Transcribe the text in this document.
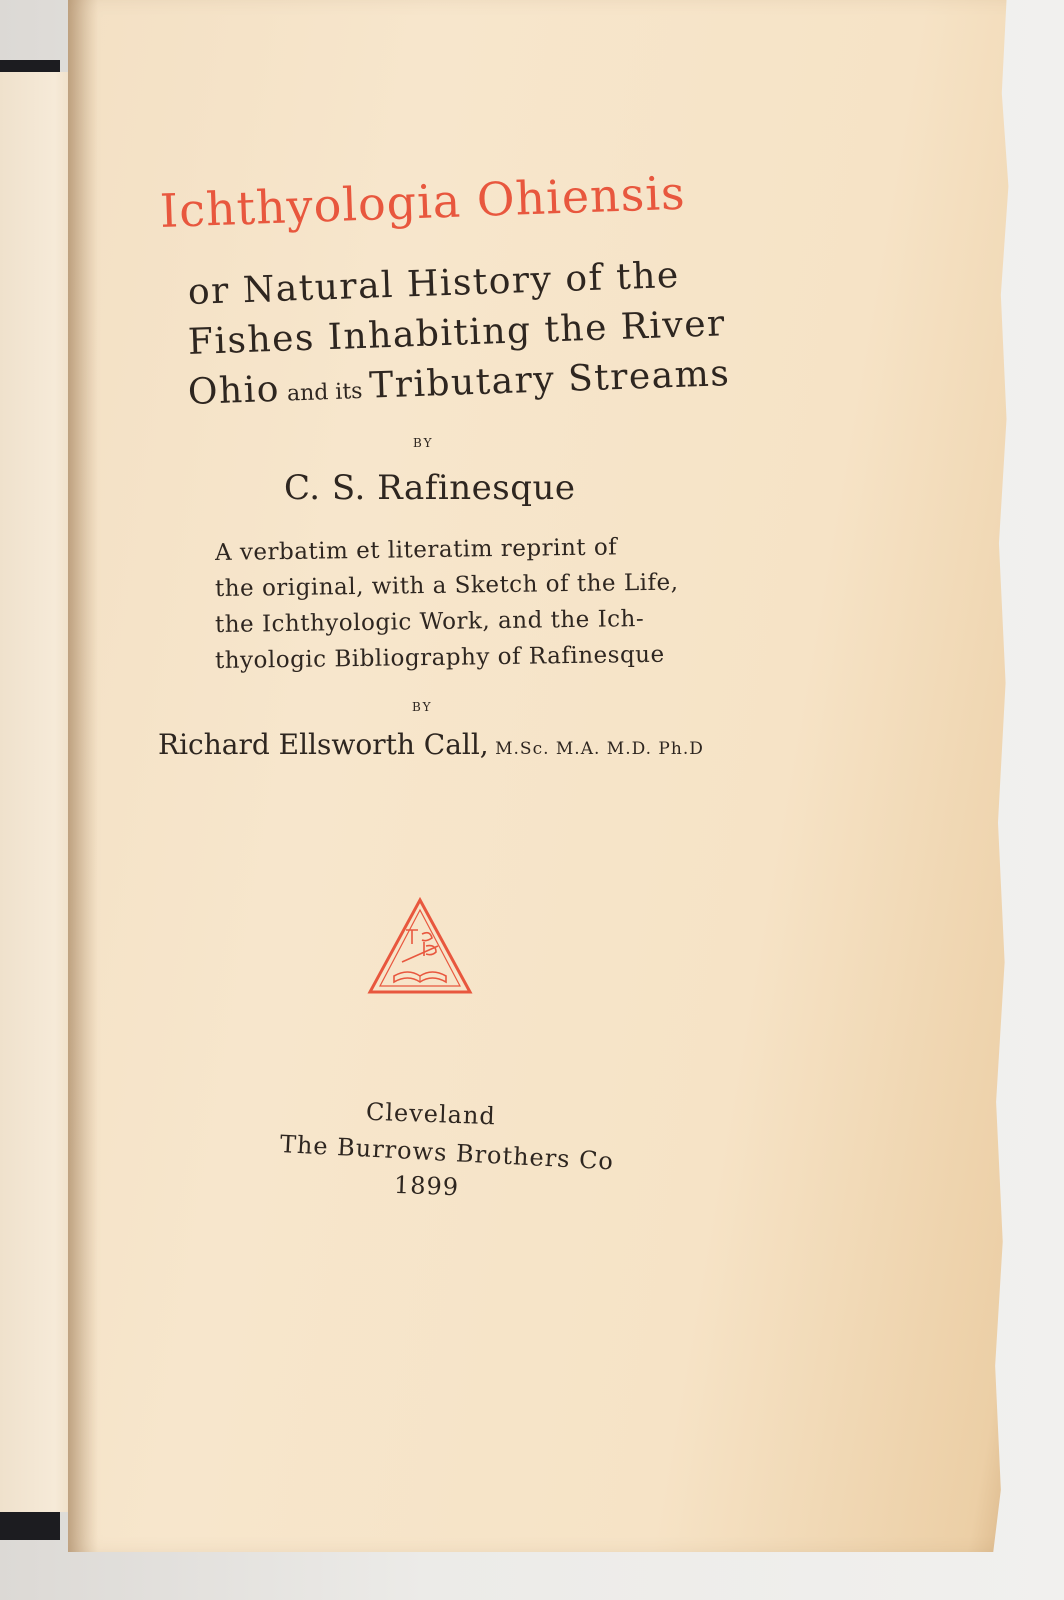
Ichthyologia Ohiensis
or Natural History of the
Fishes Inhabiting the River
Ohio and its Tributary Streams
BY
C. S. Rafinesque
A verbatim et literatim reprint of
the original, with a Sketch of the Life,
the Ichthyologic Work, and the Ich-
thyologic Bibliography of Rafinesque
BY
Richard Ellsworth Call, M.Sc. M.A. M.D. Ph.D
Cleveland
The Burrows Brothers Co
1899
